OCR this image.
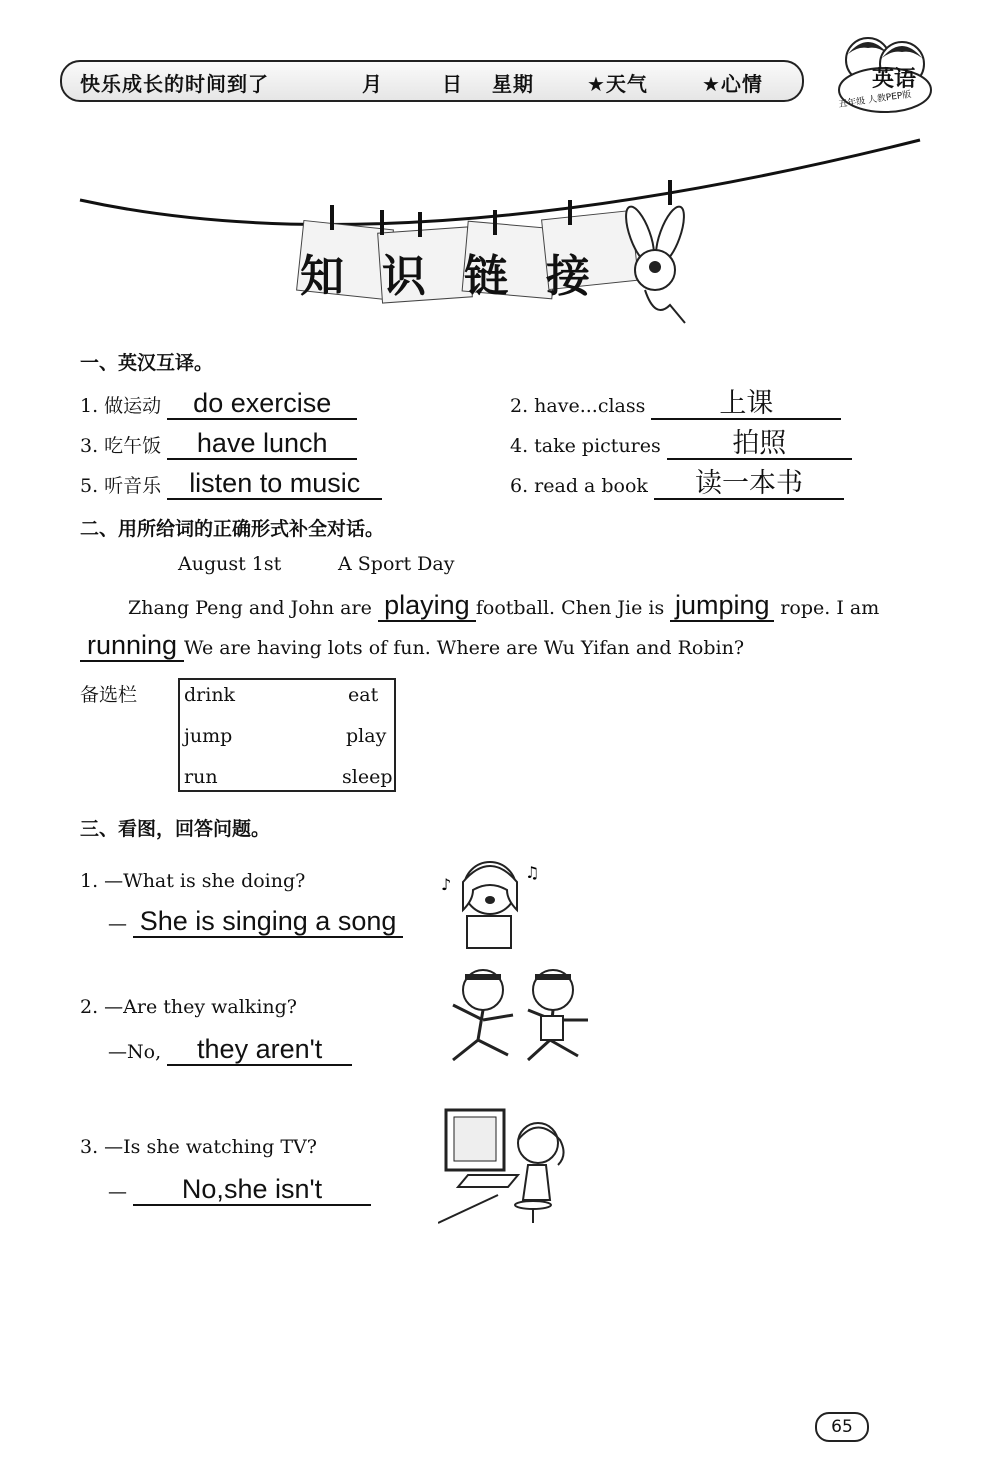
快乐成长的时间到了	月	日 星期	★天气	★心情	英语
五年级 人教PEP版
知识链接
一、英汉互译。
1. 做运动 do exercise	2. have...class	上课
3. 吃午饭 have lunch	4. take pictures	拍照
5. 听音乐 listen to music	6. read a book 读一本书
二、用所给词的正确形式补全对话。
August 1st	A Sport Day
Zhang Peng and John are playing football. Chen Jie is jumping rope. I am
running We are having lots of fun. Where are Wu Yifan and Robin?
备选栏 drink	eat
jump	play
run	sleep
三、看图，回答问题。
1. —What is she doing?
— She is singing a song
2. —Are they walking?
—No, they aren't
3. —Is she watching TV?
— No,she isn't
♪
♫
65
